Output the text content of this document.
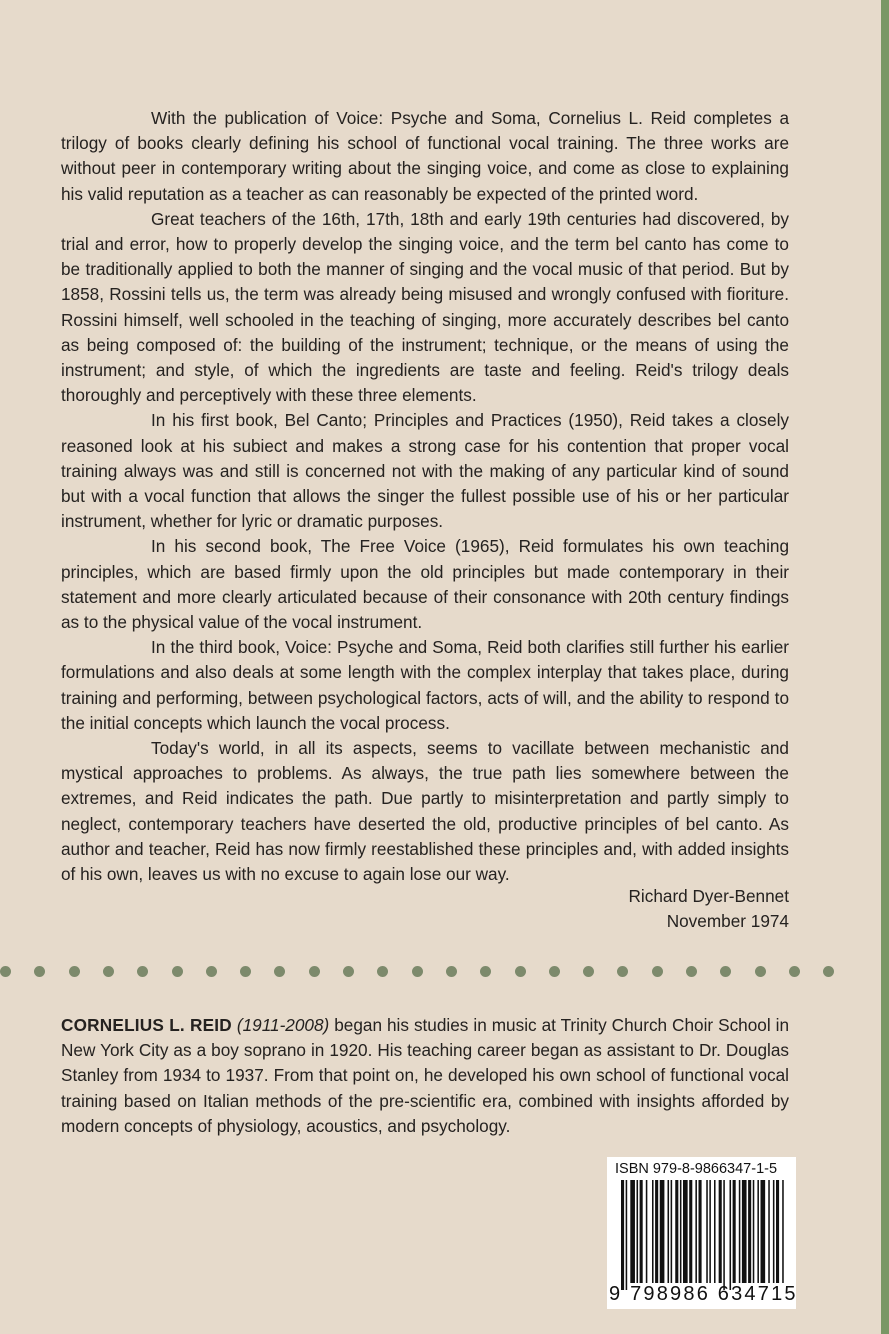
With the publication of Voice: Psyche and Soma, Cornelius L. Reid completes a trilogy of books clearly defining his school of functional vocal training. The three works are without peer in contemporary writing about the singing voice, and come as close to explaining his valid reputation as a teacher as can reasonably be expected of the printed word.

Great teachers of the 16th, 17th, 18th and early 19th centuries had discovered, by trial and error, how to properly develop the singing voice, and the term bel canto has come to be traditionally applied to both the manner of singing and the vocal music of that period. But by 1858, Rossini tells us, the term was already being misused and wrongly confused with fioriture. Rossini himself, well schooled in the teaching of singing, more accurately describes bel canto as being composed of: the building of the instrument; technique, or the means of using the instrument; and style, of which the ingredients are taste and feeling. Reid's trilogy deals thoroughly and perceptively with these three elements.

In his first book, Bel Canto; Principles and Practices (1950), Reid takes a closely reasoned look at his subiect and makes a strong case for his contention that proper vocal training always was and still is concerned not with the making of any particular kind of sound but with a vocal function that allows the singer the fullest possible use of his or her particular instrument, whether for lyric or dramatic purposes.

In his second book, The Free Voice (1965), Reid formulates his own teaching principles, which are based firmly upon the old principles but made contemporary in their statement and more clearly articulated because of their consonance with 20th century findings as to the physical value of the vocal instrument.

In the third book, Voice: Psyche and Soma, Reid both clarifies still further his earlier formulations and also deals at some length with the complex interplay that takes place, during training and performing, between psychological factors, acts of will, and the ability to respond to the initial concepts which launch the vocal process.

Today's world, in all its aspects, seems to vacillate between mechanistic and mystical approaches to problems. As always, the true path lies somewhere between the extremes, and Reid indicates the path. Due partly to misinterpretation and partly simply to neglect, contemporary teachers have deserted the old, productive principles of bel canto. As author and teacher, Reid has now firmly reestablished these principles and, with added insights of his own, leaves us with no excuse to again lose our way.

Richard Dyer-Bennet
November 1974

CORNELIUS L. REID (1911-2008) began his studies in music at Trinity Church Choir School in New York City as a boy soprano in 1920. His teaching career began as assistant to Dr. Douglas Stanley from 1934 to 1937. From that point on, he developed his own school of functional vocal training based on Italian methods of the pre-scientific era, combined with insights afforded by modern concepts of physiology, acoustics, and psychology.

ISBN 979-8-9866347-1-5
9 798986 634715
